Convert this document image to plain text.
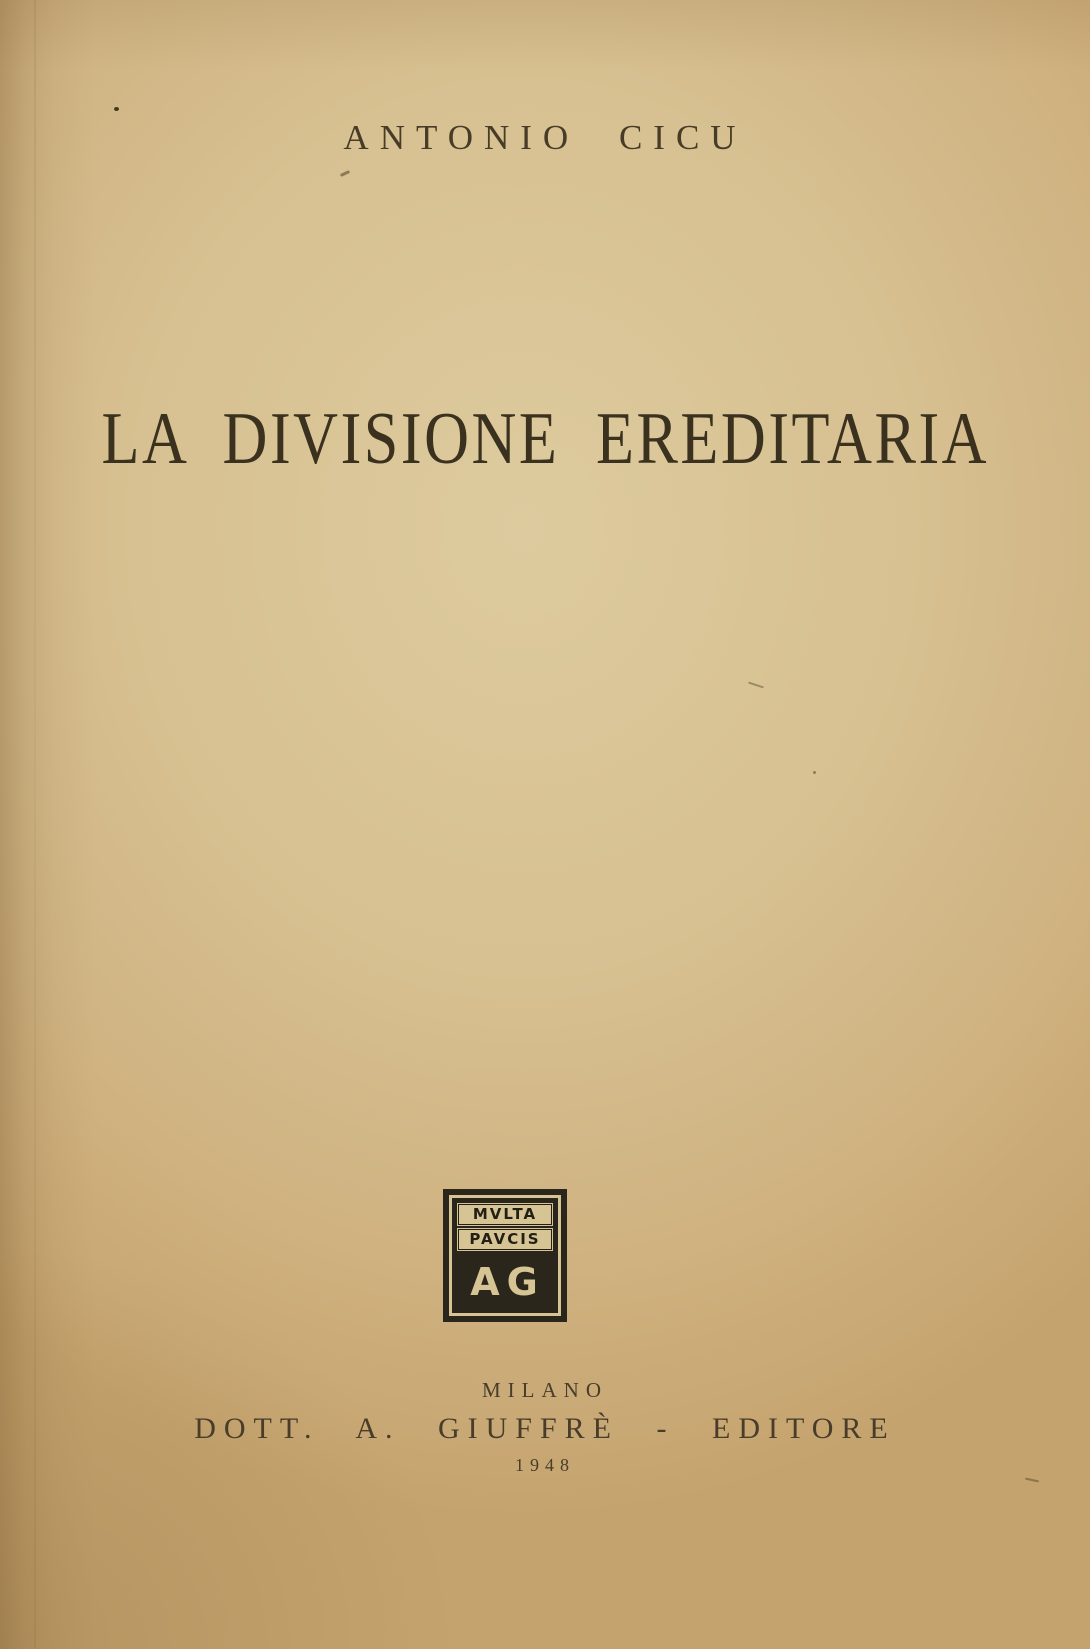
ANTONIO CICU
LA DIVISIONE EREDITARIA
MVLTA
PAVCIS
AG
MILANO
DOTT. A. GIUFFRÈ - EDITORE
1948
